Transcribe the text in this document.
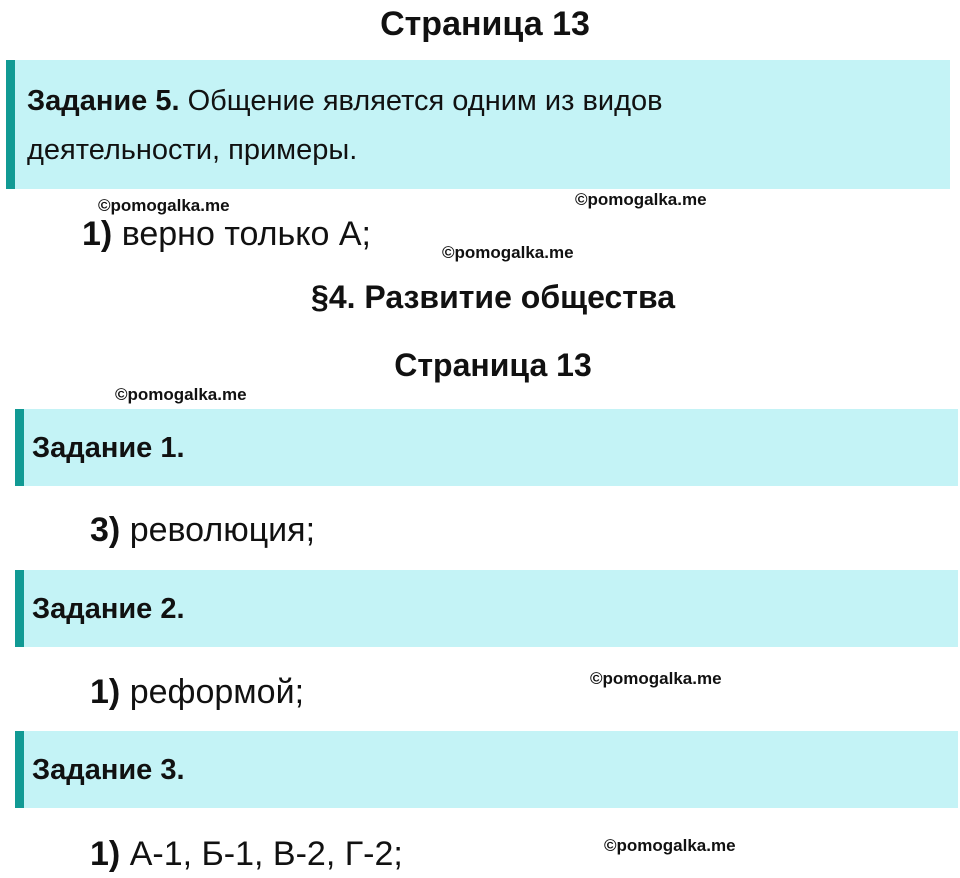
Страница 13
Задание 5. Общение является одним из видов
деятельности, примеры.
©pomogalka.me	©pomogalka.me
1) верно только А;	©pomogalka.me
§4. Развитие общества
Страница 13
©pomogalka.me
Задание 1.
3) революция;
Задание 2.
1) реформой;	©pomogalka.me
Задание 3.
1) А-1, Б-1, В-2, Г-2;	©pomogalka.me
